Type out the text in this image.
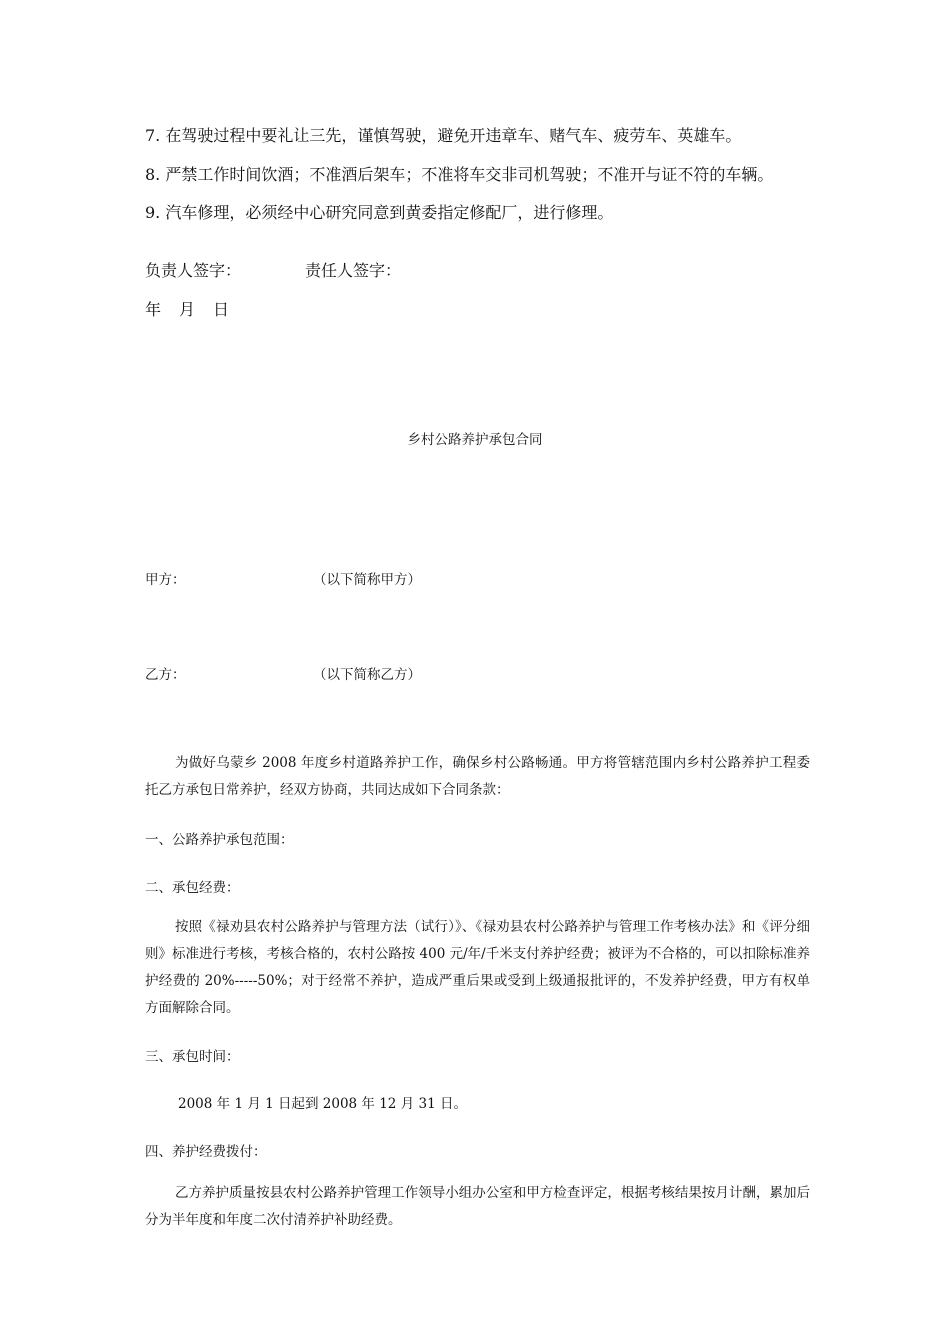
7. 在驾驶过程中要礼让三先，谨慎驾驶，避免开违章车、赌气车、疲劳车、英雄车。
8. 严禁工作时间饮酒；不准酒后架车；不准将车交非司机驾驶；不准开与证不符的车辆。
9. 汽车修理，必须经中心研究同意到黄委指定修配厂，进行修理。
负责人签字：	责任人签字：
年 月 日
乡村公路养护承包合同
甲方：	（以下简称甲方）
乙方：	（以下简称乙方）
为做好乌蒙乡 2008 年度乡村道路养护工作，确保乡村公路畅通。甲方将管辖范围内乡村公路养护工程委托乙方承包日常养护，经双方协商，共同达成如下合同条款：
一、公路养护承包范围：
二、承包经费：
按照《禄劝县农村公路养护与管理方法（试行）》、《禄劝县农村公路养护与管理工作考核办法》和《评分细则》标准进行考核，考核合格的，农村公路按 400 元/年/千米支付养护经费；被评为不合格的，可以扣除标准养护经费的 20%-----50%；对于经常不养护，造成严重后果或受到上级通报批评的，不发养护经费，甲方有权单方面解除合同。
三、承包时间：
2008 年 1 月 1 日起到 2008 年 12 月 31 日。
四、养护经费拨付：
乙方养护质量按县农村公路养护管理工作领导小组办公室和甲方检查评定，根据考核结果按月计酬，累加后分为半年度和年度二次付清养护补助经费。
